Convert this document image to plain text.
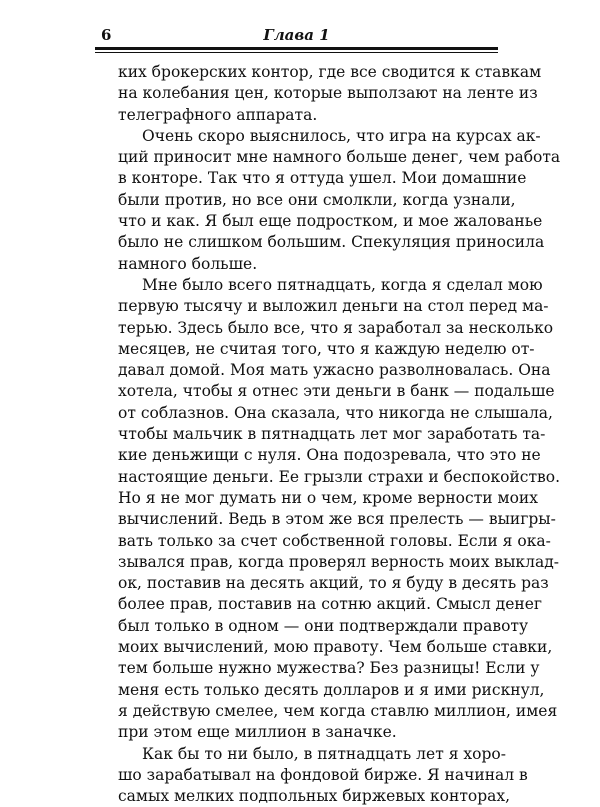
6	Глава 1
ких брокерских контор, где все сводится к ставкам
на колебания цен, которые выползают на ленте из
телеграфного аппарата.
Очень скоро выяснилось, что игра на курсах ак-
ций приносит мне намного больше денег, чем работа
в конторе. Так что я оттуда ушел. Мои домашние
были против, но все они смолкли, когда узнали,
что и как. Я был еще подростком, и мое жалованье
было не слишком большим. Спекуляция приносила
намного больше.
Мне было всего пятнадцать, когда я сделал мою
первую тысячу и выложил деньги на стол перед ма-
терью. Здесь было все, что я заработал за несколько
месяцев, не считая того, что я каждую неделю от-
давал домой. Моя мать ужасно разволновалась. Она
хотела, чтобы я отнес эти деньги в банк — подальше
от соблазнов. Она сказала, что никогда не слышала,
чтобы мальчик в пятнадцать лет мог заработать та-
кие деньжищи с нуля. Она подозревала, что это не
настоящие деньги. Ее грызли страхи и беспокойство.
Но я не мог думать ни о чем, кроме верности моих
вычислений. Ведь в этом же вся прелесть — выигры-
вать только за счет собственной головы. Если я ока-
зывался прав, когда проверял верность моих выклад-
ок, поставив на десять акций, то я буду в десять раз
более прав, поставив на сотню акций. Смысл денег
был только в одном — они подтверждали правоту
моих вычислений, мою правоту. Чем больше ставки,
тем больше нужно мужества? Без разницы! Если у
меня есть только десять долларов и я ими рискнул,
я действую смелее, чем когда ставлю миллион, имея
при этом еще миллион в заначке.
Как бы то ни было, в пятнадцать лет я хоро-
шо зарабатывал на фондовой бирже. Я начинал в
самых мелких подпольных биржевых конторах,
